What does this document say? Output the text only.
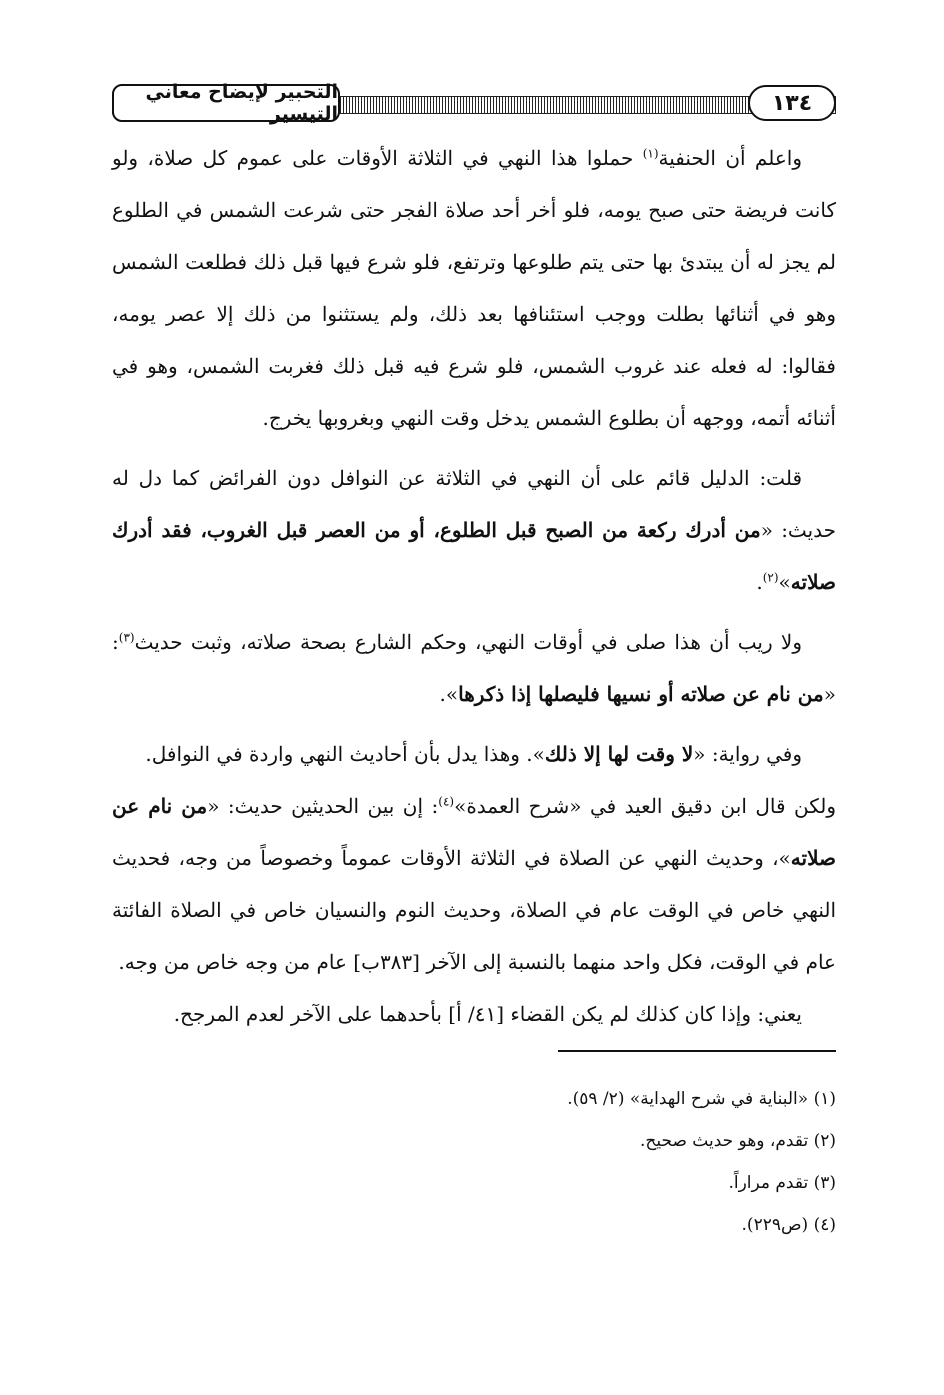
التحبير لإيضاح معاني التيسير	١٣٤

واعلم أن الحنفية$^{(١)}$ حملوا هذا النهي في الثلاثة الأوقات على عموم كل صلاة، ولو كانت فريضة حتى صبح يومه، فلو أخر أحد صلاة الفجر حتى شرعت الشمس في الطلوع لم يجز له أن يبتدئ بها حتى يتم طلوعها وترتفع، فلو شرع فيها قبل ذلك فطلعت الشمس وهو في أثنائها بطلت ووجب استئنافها بعد ذلك، ولم يستثنوا من ذلك إلا عصر يومه، فقالوا: له فعله عند غروب الشمس، فلو شرع فيه قبل ذلك فغربت الشمس، وهو في أثنائه أتمه، ووجهه أن بطلوع الشمس يدخل وقت النهي وبغروبها يخرج.

قلت: الدليل قائم على أن النهي في الثلاثة عن النوافل دون الفرائض كما دل له حديث: «من أدرك ركعة من الصبح قبل الطلوع، أو من العصر قبل الغروب، فقد أدرك صلاته»$^{(٢)}$.

ولا ريب أن هذا صلى في أوقات النهي، وحكم الشارع بصحة صلاته، وثبت حديث$^{(٣)}$: «من نام عن صلاته أو نسيها فليصلها إذا ذكرها».

وفي رواية: «لا وقت لها إلا ذلك». وهذا يدل بأن أحاديث النهي واردة في النوافل.

ولكن قال ابن دقيق العيد في «شرح العمدة»$^{(٤)}$: إن بين الحديثين حديث: «من نام عن صلاته»، وحديث النهي عن الصلاة في الثلاثة الأوقات عموماً وخصوصاً من وجه، فحديث النهي خاص في الوقت عام في الصلاة، وحديث النوم والنسيان خاص في الصلاة الفائتة عام في الوقت، فكل واحد منهما بالنسبة إلى الآخر [٣٨٣ب] عام من وجه خاص من وجه.

يعني: وإذا كان كذلك لم يكن القضاء [٤١/ أ] بأحدهما على الآخر لعدم المرجح.

(١) «البناية في شرح الهداية» (٢/ ٥٩).

(٢) تقدم، وهو حديث صحيح.

(٣) تقدم مراراً.

(٤) (ص٢٢٩).
